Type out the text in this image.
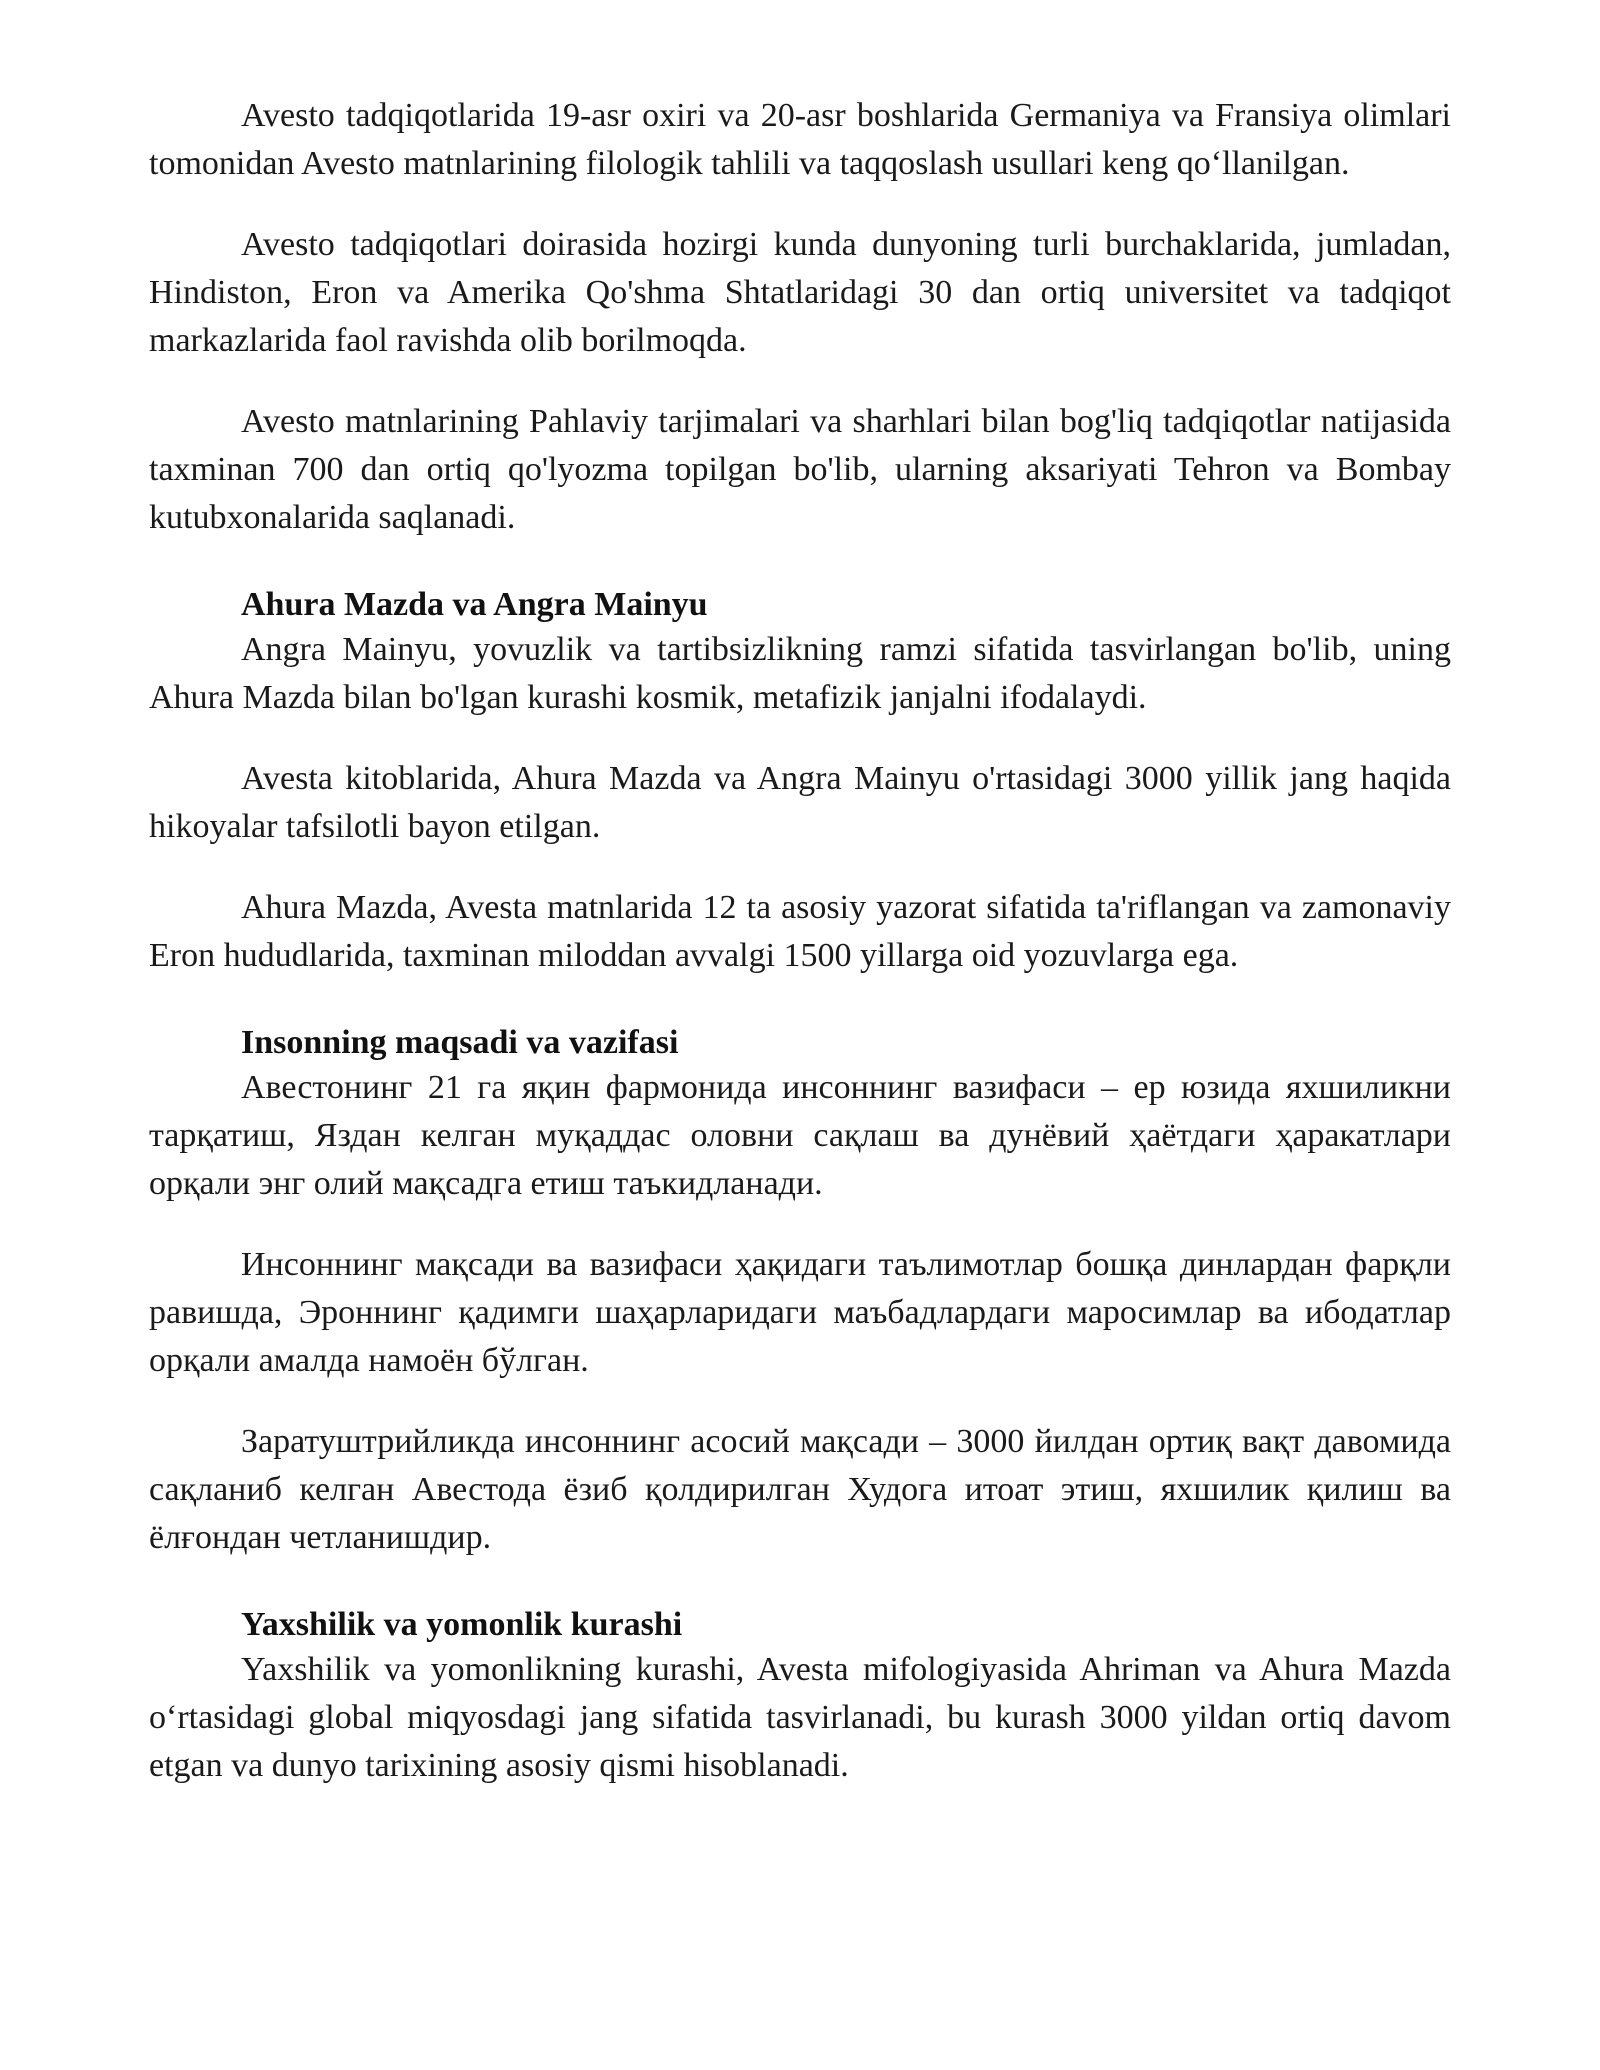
Avesto tadqiqotlarida 19-asr oxiri va 20-asr boshlarida Germaniya va Fransiya olimlari tomonidan Avesto matnlarining filologik tahlili va taqqoslash usullari keng qo‘llanilgan.

Avesto tadqiqotlari doirasida hozirgi kunda dunyoning turli burchaklarida, jumladan, Hindiston, Eron va Amerika Qo'shma Shtatlaridagi 30 dan ortiq universitet va tadqiqot markazlarida faol ravishda olib borilmoqda.

Avesto matnlarining Pahlaviy tarjimalari va sharhlari bilan bog'liq tadqiqotlar natijasida taxminan 700 dan ortiq qo'lyozma topilgan bo'lib, ularning aksariyati Tehron va Bombay kutubxonalarida saqlanadi.

Ahura Mazda va Angra Mainyu

Angra Mainyu, yovuzlik va tartibsizlikning ramzi sifatida tasvirlangan bo'lib, uning Ahura Mazda bilan bo'lgan kurashi kosmik, metafizik janjalni ifodalaydi.

Avesta kitoblarida, Ahura Mazda va Angra Mainyu o'rtasidagi 3000 yillik jang haqida hikoyalar tafsilotli bayon etilgan.

Ahura Mazda, Avesta matnlarida 12 ta asosiy yazorat sifatida ta'riflangan va zamonaviy Eron hududlarida, taxminan miloddan avvalgi 1500 yillarga oid yozuvlarga ega.

Insonning maqsadi va vazifasi

Авестонинг 21 га яқин фармонида инсоннинг вазифаси – ер юзида яхшиликни тарқатиш, Яздан келган муқаддас оловни сақлаш ва дунёвий ҳаётдаги ҳаракатлари орқали энг олий мақсадга етиш таъкидланади.

Инсоннинг мақсади ва вазифаси ҳақидаги таълимотлар бошқа динлардан фарқли равишда, Эроннинг қадимги шаҳарларидаги маъбадлардаги маросимлар ва ибодатлар орқали амалда намоён бўлган.

Зaратуштрийликда инсоннинг асосий мақсади – 3000 йилдан ортиқ вақт давомида сақланиб келган Авестода ёзиб қолдирилган Худога итоат этиш, яхшилик қилиш ва ёлғондан четланишдир.

Yaxshilik va yomonlik kurashi

Yaxshilik va yomonlikning kurashi, Avesta mifologiyasida Ahriman va Ahura Mazda o‘rtasidagi global miqyosdagi jang sifatida tasvirlanadi, bu kurash 3000 yildan ortiq davom etgan va dunyo tarixining asosiy qismi hisoblanadi.
